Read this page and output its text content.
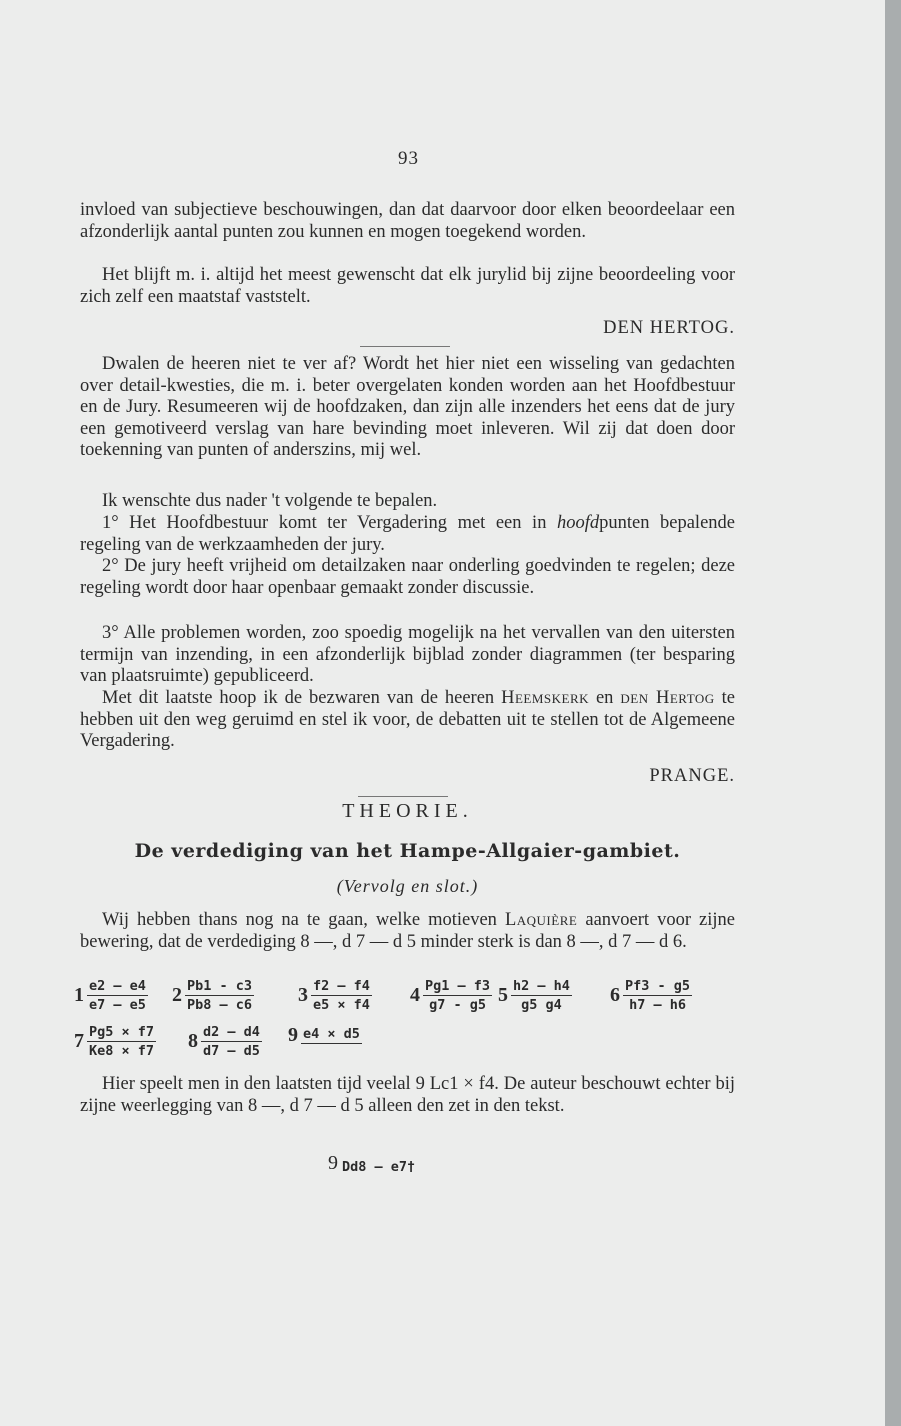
93
invloed van subjectieve beschouwingen, dan dat daarvoor door elken beoordeelaar een afzonderlijk aantal punten zou kunnen en mogen toegekend worden.
Het blijft m. i. altijd het meest gewenscht dat elk jurylid bij zijne beoordeeling voor zich zelf een maatstaf vaststelt.
DEN HERTOG.
Dwalen de heeren niet te ver af? Wordt het hier niet een wisseling van gedachten over detail-kwesties, die m. i. beter overgelaten konden worden aan het Hoofdbestuur en de Jury. Resumeeren wij de hoofdzaken, dan zijn alle inzenders het eens dat de jury een gemotiveerd verslag van hare bevinding moet inleveren. Wil zij dat doen door toekenning van punten of anderszins, mij wel.
Ik wenschte dus nader 't volgende te bepalen.
1° Het Hoofdbestuur komt ter Vergadering met een in hoofdpunten bepalende regeling van de werkzaamheden der jury.
2° De jury heeft vrijheid om detailzaken naar onderling goedvinden te regelen; deze regeling wordt door haar openbaar gemaakt zonder discussie.
3° Alle problemen worden, zoo spoedig mogelijk na het vervallen van den uitersten termijn van inzending, in een afzonderlijk bijblad zonder diagrammen (ter besparing van plaatsruimte) gepubliceerd.
Met dit laatste hoop ik de bezwaren van de heeren Heemskerk en den Hertog te hebben uit den weg geruimd en stel ik voor, de debatten uit te stellen tot de Algemeene Vergadering.
PRANGE.
THEORIE.
De verdediging van het Hampe-Allgaier-gambiet.
(Vervolg en slot.)
Wij hebben thans nog na te gaan, welke motieven Laquière aanvoert voor zijne bewering, dat de verdediging 8 —, d 7 — d 5 minder sterk is dan 8 —, d 7 — d 6.
$1 \frac{e2 - e4}{e7 - e5} 2 \frac{Pb1 - c3}{Pb8 - c6} 3 \frac{f2 - f4}{e5 \times f4} 4 \frac{Pg1 - f3}{g7 - g5} 5 \frac{h2 - h4}{g5 g4} 6 \frac{Pf3 - g5}{h7 - h6}$
$7 \frac{Pg5 \times f7}{Ke8 \times f7} 8 \frac{d2 - d4}{d7 - d5} 9$ e4 × d5
Hier speelt men in den laatsten tijd veelal 9 Lc1 × f4. De auteur beschouwt echter bij zijne weerlegging van 8 —, d 7 — d 5 alleen den zet in den tekst.
9 Dd8 — e7†
